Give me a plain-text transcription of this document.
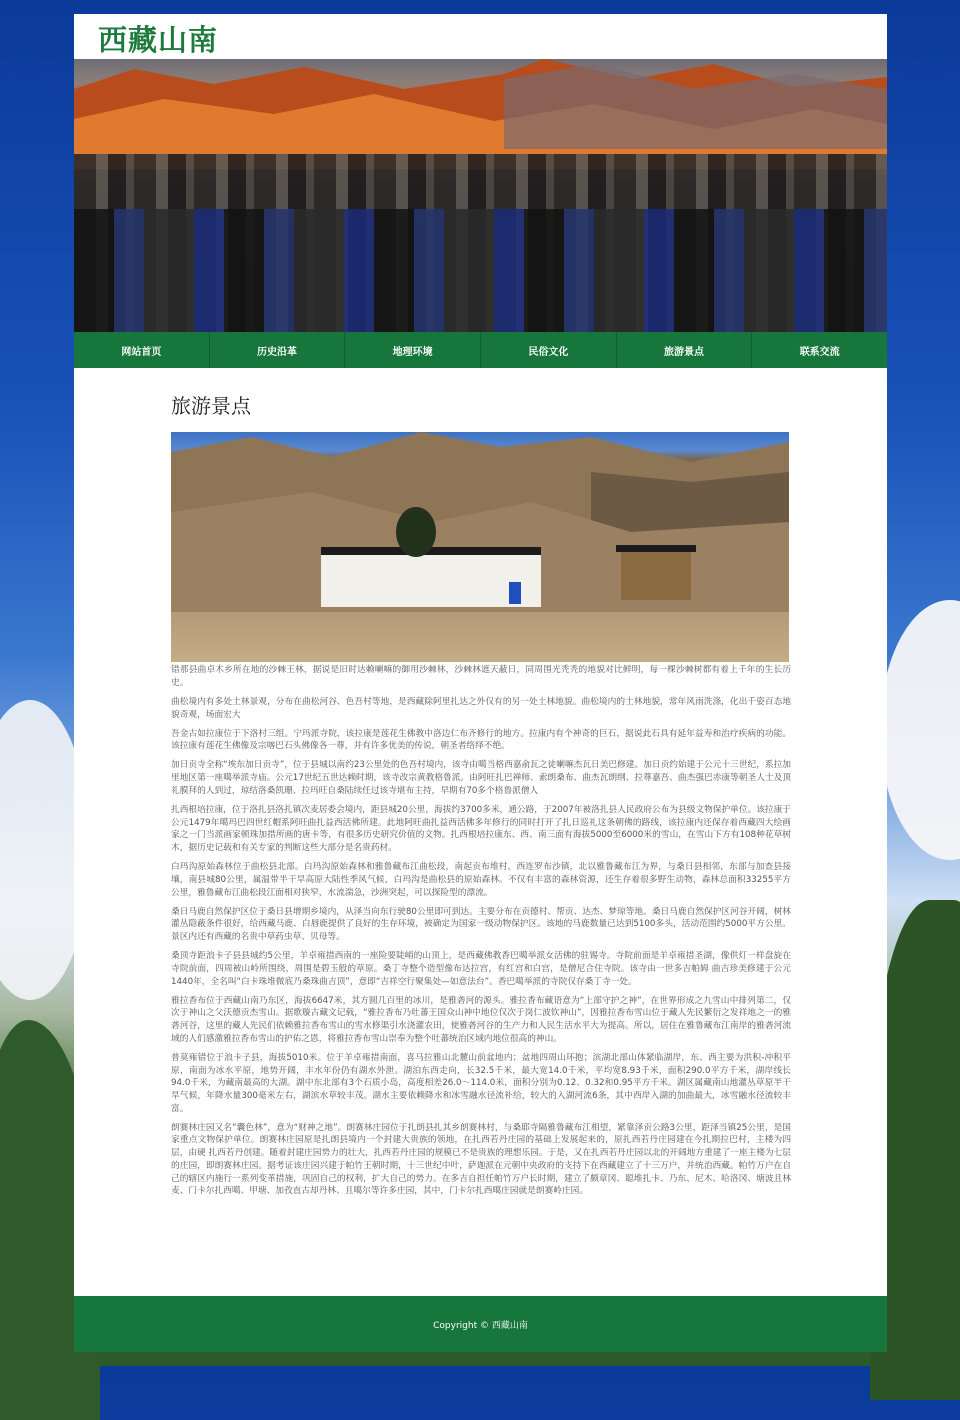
西藏山南
网站首页	历史沿革	地理环境	民俗文化	旅游景点	联系交流
旅游景点

错那县曲卓木乡所在地的沙棘王林，据说是旧时达赖喇嘛的御用沙棘林，沙棘林遮天蔽日，同周围光秃秃的地貌对比鲜明，每一棵沙棘树都有着上千年的生长历史。

曲松境内有多处土林景观，分布在曲松河谷、色吾村等地，是西藏除阿里扎达之外仅有的另一处土林地貌。曲松境内的土林地貌，常年风雨洗涤，化出千姿百态地貌奇观，场面宏大

吾金古如拉康位于下洛村三组。宁玛派寺院，该拉康是莲花生佛教中洛边仁布齐修行的地方。拉康内有个神奇的巨石，据说此石具有延年益寿和治疗疾病的功能。该拉康有莲花生佛像及宗喀巴石头佛像各一尊，并有许多优美的传说，朝圣者络绎不绝。

加日贡寺全称“埃东加日贡寺”，位于县城以南约23公里处的色吾村境内，该寺由噶当格西嘉俞瓦之徒喇嘛杰瓦日美巴修建。加日贡约始建于公元十三世纪，系拉加里地区第一座噶举派寺庙。公元17世纪五世达赖时期，该寺改宗黄教格鲁派。由阿旺扎巴禅师、索朗桑布、曲杰瓦朗纲、拉尊嘉吾、曲杰强巴赤康等朝圣人士及顶礼膜拜的人到过，琼结洛桑凯珊、拉玛旺自桑陆续任过该寺堪布主持，早期有70多个格鲁派僧人

扎西根培拉康，位于洛扎县洛扎镇次麦居委会境内，距县城20公里，海拔约3700多米，通公路，于2007年被洛扎县人民政府公布为县级文物保护单位。该拉康于公元1479年噶玛巴四世红帽系阿旺曲扎益西活佛所建。此地阿旺曲扎益西活佛多年修行的同时打开了扎日巡礼这条朝佛的路线，该拉康内还保存着西藏四大绘画家之一门当派画家顿珠加措所画的唐卡等，有很多历史研究价值的文物。扎西根培拉康东、西、南三面有海拔5000至6000米的雪山，在雪山下方有108种花草树木，据历史记载和有关专家的判断这些大部分是名贵药材。

白玛沟原始森林位于曲松县北部。白玛沟原始森林和雅鲁藏布江曲松段，南起贡布堆村，西连罗布沙镇，北以雅鲁藏布江为界，与桑日县相邻，东部与加查县接壤，南县城80公里，属温带半干旱高原大陆性季风气候，白玛沟是曲松县的原始森林。不仅有丰富的森林资源，还生存着很多野生动物，森林总面积33255平方公里，雅鲁藏布江曲松段江面相对狭窄，水流湍急，沙洲突起，可以探险型的漂流。

桑日马鹿自然保护区位于桑日县增期乡境内，从泽当向东行驶80公里即可到达。主要分布在贡德村、帮贡、达杰、梦琼等地。桑日马鹿自然保护区河谷开阔，树林灌丛隐蔽条件很好，给西藏马鹿、白唇鹿提供了良好的生存环境，被确定为国家一级动物保护区。该地的马鹿数量已达到5100多头，活动范围约5000平方公里。景区内还有西藏的名贵中草药虫草、贝母等。

桑顶寺距浪卡子县县城约5公里，羊卓雍措西南的一座险要陡峭的山顶上，是西藏佛教香巴噶举派女活佛的驻锡寺。寺院前面是羊卓雍措圣湖，像供灯一样盘旋在寺院前面，四周被山岭所围绕，周围是碧玉般的草原。桑丁寺整个造型像布达拉宫，有红宫和白宫，是僧尼合住寺院。该寺由一世多吉帕姆 曲吉珍美修建于公元1440年，全名叫“白卡珠堆微底乃桑珠曲吉顶”，意即“吉祥空行聚集处—如意法台”。香巴噶举派的寺院仅存桑丁寺一处。

雅拉香布位于西藏山南乃东区，海拔6647米，其方圆几百里的冰川，是雅砻河的源头。雅拉香布藏语意为“上部守护之神”，在世界形成之九雪山中排列第二，仅次于神山之父沃德贡杰雪山。据歌璇古藏文记载，“雅拉香布乃吐蕃王国众山神中地位仅次于岗仁波钦神山”，因雅拉香布雪山位于藏人先民繁衍之发祥地之一的雅砻河谷，这里的藏人先民们依赖雅拉香布雪山的雪水修渠引水浇灌农田，使雅砻河谷的生产力和人民生活水平大为提高。所以，居住在雅鲁藏布江南岸的雅砻河流域的人们感激雅拉香布雪山的护佑之恩，将雅拉香布雪山崇奉为整个吐蕃统治区域内地位很高的神山。

普莫雍错位于浪卡子县，海拔5010米。位于羊卓雍措南面，喜马拉雅山北麓山前盆地内；盆地四周山环抱；滨湖北部山体紧临湖岸，东、西主要为洪积-冲积平原，南面为冰水平原，地势开阔，丰水年份仍有湖水外泄。湖泊东西走向，长32.5千米，最大宽14.0千米，平均宽8.93千米，面积290.0平方千米，湖岸线长94.0千米，为藏南最高的大湖。湖中东北部有3个石质小岛，高度相差26.0～114.0米，面积分别为0.12、0.32和0.95平方千米。湖区属藏南山地灌丛草原半干旱气候，年降水量300毫米左右，湖滨水草较丰茂。湖水主要依赖降水和冰雪融水径流补给，较大的入湖河流6条，其中西岸入湖的加曲最大，冰雪融水径流较丰富。

朗赛林庄园又名“囊色林”，意为“财神之地”。朗赛林庄园位于扎朗县扎其乡朗赛林村，与桑耶寺隔雅鲁藏布江相望，紧靠泽贡公路3公里，距泽当镇25公里，是国家重点文物保护单位。朗赛林庄园原是扎朗县境内一个封建大贵族的领地，在扎西若丹庄园的基础上发展起来的，原扎西若丹庄园建在今扎期拉巴村，主楼为四层，由硬 扎西若丹创建。随着封建庄园势力的壮大，扎西若丹庄园的规模已不是贵族的理想乐园。于是，又在扎西若丹庄园以北的开阔地方重建了一座主楼为七层的庄园，即朗赛林庄园。据考证该庄园兴建于帕竹王朝时期，十三世纪中叶，萨迦派在元朝中央政府的支持下在西藏建立了十三万户，并统治西藏。帕竹万户在自己的辖区内施行一系列变革措施，巩固自己的权利，扩大自己的势力。在多吉自担任帕竹万户长时期，建立了颇章冈、聪堆扎卡、乃东、尼木、哈洛冈、塘波且林麦、门卡尔扎西噶、甲塘、加孜直古却丹林、且噶尔等许多庄园，其中，门卡尔扎西噶庄园就是朗赛岭庄园。

Copyright © 西藏山南
